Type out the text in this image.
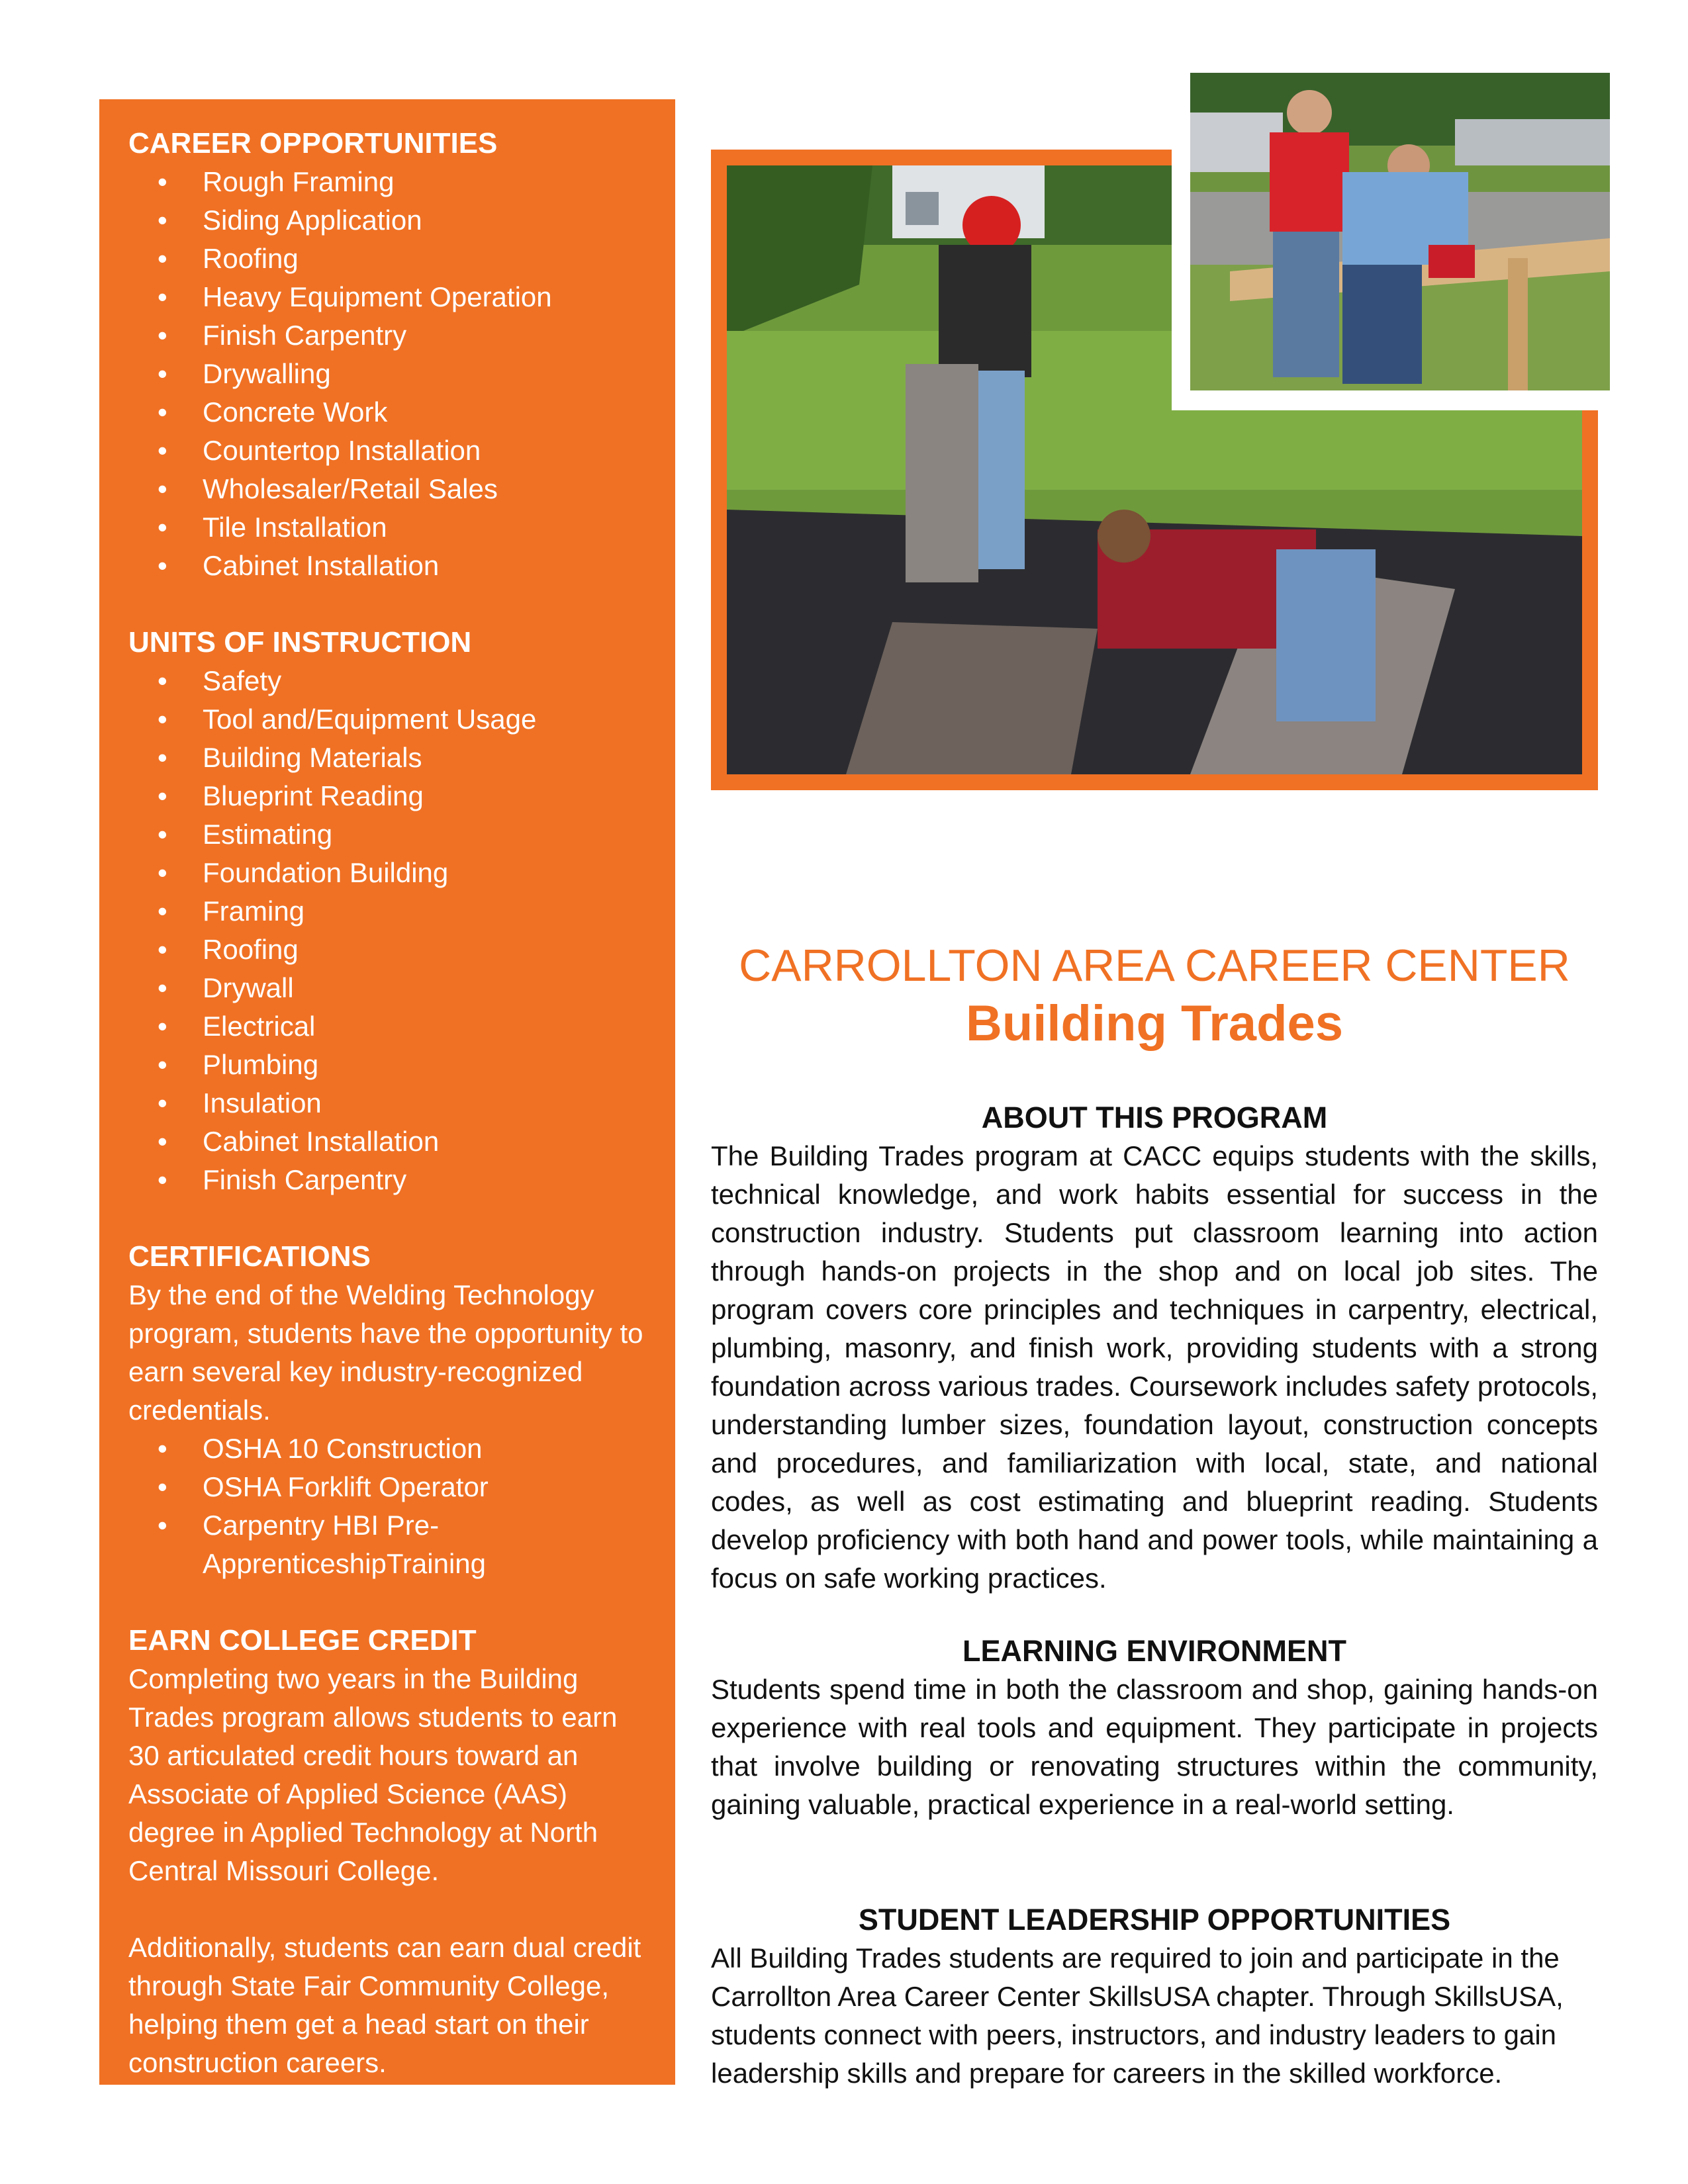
CAREER OPPORTUNITIES
• Rough Framing
• Siding Application
• Roofing
• Heavy Equipment Operation
• Finish Carpentry
• Drywalling
• Concrete Work
• Countertop Installation
• Wholesaler/Retail Sales
• Tile Installation
• Cabinet Installation
UNITS OF INSTRUCTION
• Safety
• Tool and/Equipment Usage
• Building Materials
• Blueprint Reading
• Estimating
• Foundation Building
• Framing
• Roofing
• Drywall
• Electrical
• Plumbing
• Insulation
• Cabinet Installation
• Finish Carpentry
CERTIFICATIONS

By the end of the Welding Technology program, students have the opportunity to earn several key industry-recognized credentials.

• OSHA 10 Construction
• OSHA Forklift Operator
• Carpentry HBI Pre-ApprenticeshipTraining
EARN COLLEGE CREDIT

Completing two years in the Building Trades program allows students to earn 30 articulated credit hours toward an Associate of Applied Science (AAS) degree in Applied Technology at North Central Missouri College.

Additionally, students can earn dual credit through State Fair Community College, helping them get a head start on their construction careers.

CARROLLTON AREA CAREER CENTER
Building Trades
ABOUT THIS PROGRAM
The Building Trades program at CACC equips students with the skills, technical knowledge, and work habits essential for success in the construction industry. Students put classroom learning into action through hands-on projects in the shop and on local job sites. The program covers core principles and techniques in carpentry, electrical, plumbing, masonry, and finish work, providing students with a strong foundation across various trades. Coursework includes safety protocols, understanding lumber sizes, foundation layout, construction concepts and procedures, and familiarization with local, state, and national codes, as well as cost estimating and blueprint reading. Students develop proficiency with both hand and power tools, while maintaining a focus on safe working practices.
LEARNING ENVIRONMENT
Students spend time in both the classroom and shop, gaining hands-on experience with real tools and equipment. They participate in projects that involve building or renovating structures within the community, gaining valuable, practical experience in a real-world setting.
STUDENT LEADERSHIP OPPORTUNITIES
All Building Trades students are required to join and participate in the Carrollton Area Career Center SkillsUSA chapter. Through SkillsUSA, students connect with peers, instructors, and industry leaders to gain leadership skills and prepare for careers in the skilled workforce.
